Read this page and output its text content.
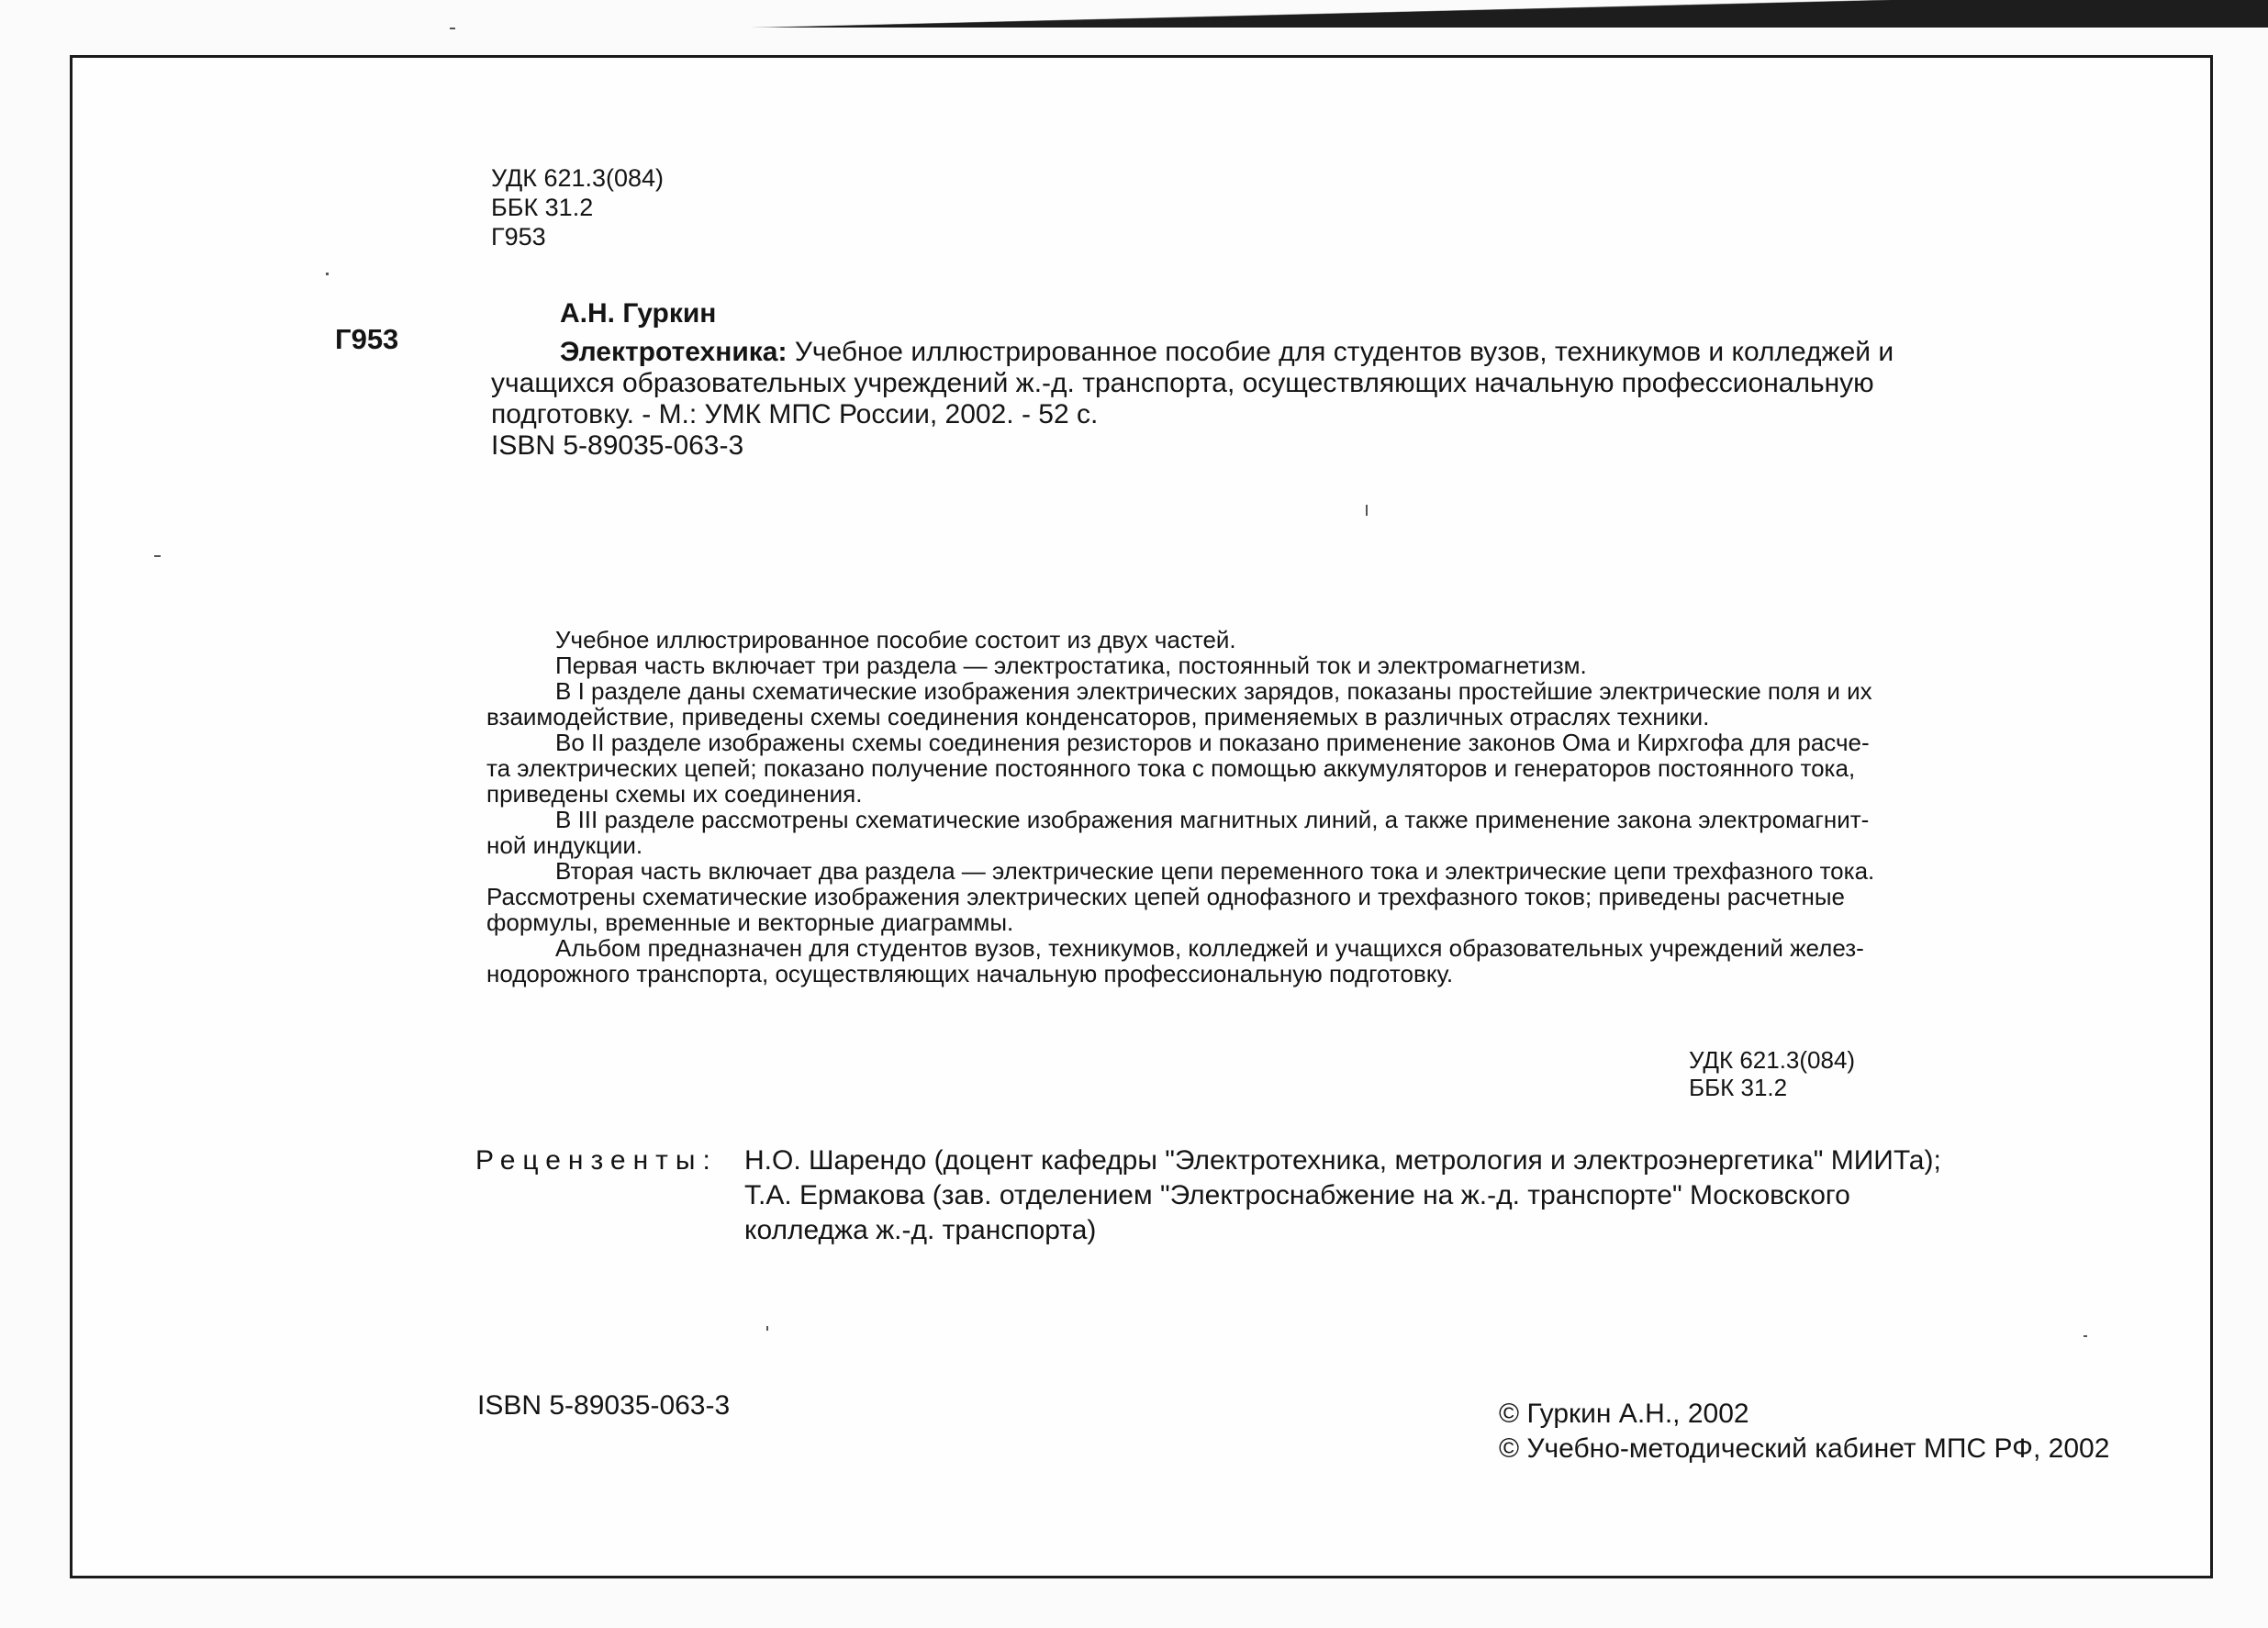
УДК 621.3(084)
ББК 31.2
Г953
Г953
А.Н. Гуркин
Электротехника: Учебное иллюстрированное пособие для студентов вузов, техникумов и колледжей и
учащихся образовательных учреждений ж.-д. транспорта, осуществляющих начальную профессиональную
подготовку. - М.: УМК МПС России, 2002. - 52 с.
ISBN 5-89035-063-3
Учебное иллюстрированное пособие состоит из двух частей.
Первая часть включает три раздела — электростатика, постоянный ток и электромагнетизм.
В I разделе даны схематические изображения электрических зарядов, показаны простейшие электрические поля и их
взаимодействие, приведены схемы соединения конденсаторов, применяемых в различных отраслях техники.
Во II разделе изображены схемы соединения резисторов и показано применение законов Ома и Кирхгофа для расче-
та электрических цепей; показано получение постоянного тока с помощью аккумуляторов и генераторов постоянного тока,
приведены схемы их соединения.
В III разделе рассмотрены схематические изображения магнитных линий, а также применение закона электромагнит-
ной индукции.
Вторая часть включает два раздела — электрические цепи переменного тока и электрические цепи трехфазного тока.
Рассмотрены схематические изображения электрических цепей однофазного и трехфазного токов; приведены расчетные
формулы, временные и векторные диаграммы.
Альбом предназначен для студентов вузов, техникумов, колледжей и учащихся образовательных учреждений желез-
нодорожного транспорта, осуществляющих начальную профессиональную подготовку.
УДК 621.3(084)
ББК 31.2
Рецензенты: Н.О. Шарендо (доцент кафедры "Электротехника, метрология и электроэнергетика" МИИТа);
Т.А. Ермакова (зав. отделением "Электроснабжение на ж.-д. транспорте" Московского
колледжа ж.-д. транспорта)
ISBN 5-89035-063-3	© Гуркин А.Н., 2002
© Учебно-методический кабинет МПС РФ, 2002
